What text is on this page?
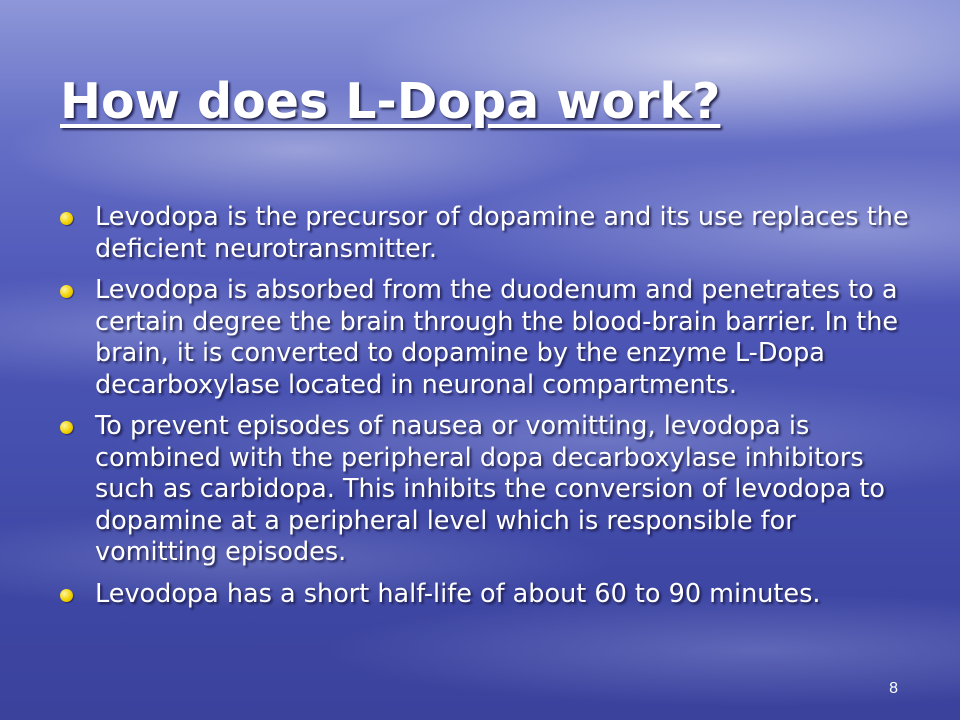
How does L-Dopa work?
Levodopa is the precursor of dopamine and its use replaces the deficient neurotransmitter.
Levodopa is absorbed from the duodenum and penetrates to a certain degree the brain through the blood-brain barrier. In the brain, it is converted to dopamine by the enzyme L-Dopa decarboxylase located in neuronal compartments.
To prevent episodes of nausea or vomitting, levodopa is combined with the peripheral dopa decarboxylase inhibitors such as carbidopa. This inhibits the conversion of levodopa to dopamine at a peripheral level which is responsible for vomitting episodes.
Levodopa has a short half-life of about 60 to 90 minutes.
8
